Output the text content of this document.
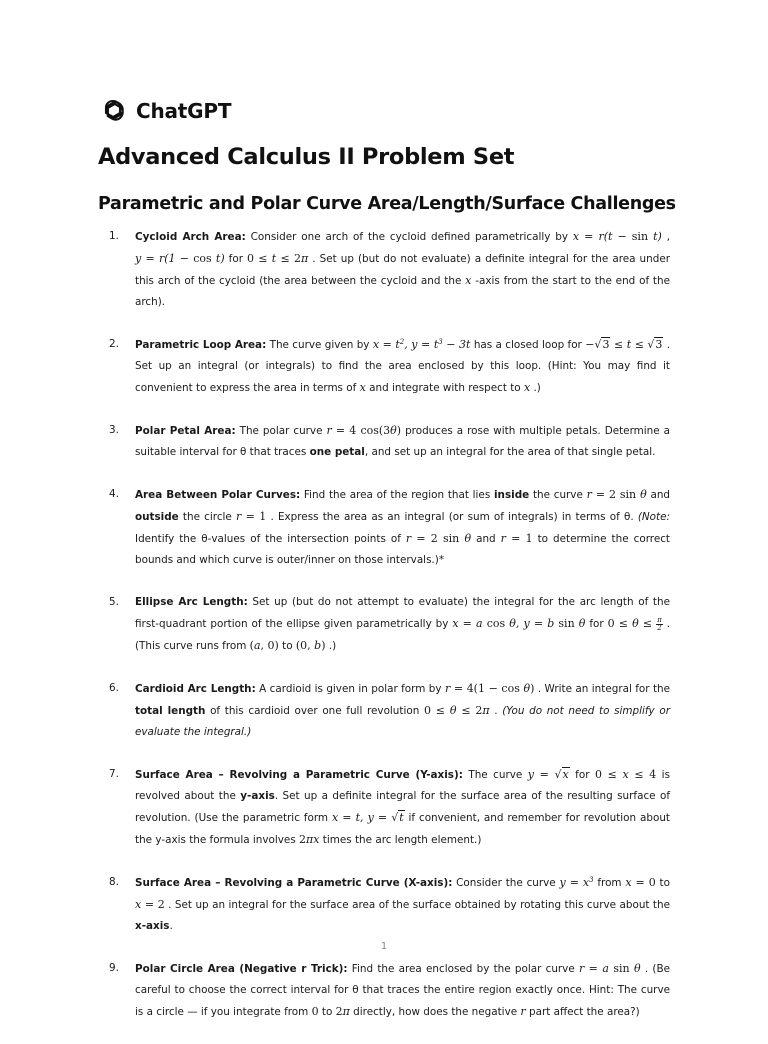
ChatGPT
Advanced Calculus II Problem Set
Parametric and Polar Curve Area/Length/Surface Challenges
1. Cycloid Arch Area: Consider one arch of the cycloid defined parametrically by x = r(t − sin t) , y = r(1 − cos t) for 0 ≤ t ≤ 2π . Set up (but do not evaluate) a definite integral for the area under this arch of the cycloid (the area between the cycloid and the x -axis from the start to the end of the arch).
2. Parametric Loop Area: The curve given by $x = t^2$, $y = t^3 - 3t$ has a closed loop for −√3 ≤ t ≤ √3 . Set up an integral (or integrals) to find the area enclosed by this loop. (Hint: You may find it convenient to express the area in terms of x and integrate with respect to x .)
3. Polar Petal Area: The polar curve r = 4 cos(3θ) produces a rose with multiple petals. Determine a suitable interval for θ that traces one petal, and set up an integral for the area of that single petal.
4. Area Between Polar Curves: Find the area of the region that lies inside the curve r = 2 sin θ and outside the circle r = 1 . Express the area as an integral (or sum of integrals) in terms of θ. (Note: Identify the θ-values of the intersection points of r = 2 sin θ and r = 1 to determine the correct bounds and which curve is outer/inner on those intervals.)*
5. Ellipse Arc Length: Set up (but do not attempt to evaluate) the integral for the arc length of the first-quadrant portion of the ellipse given parametrically by x = a cos θ, y = b sin θ for $0 \le \theta \le \frac{\pi}{2}$ . (This curve runs from (a, 0) to (0, b) .)
6. Cardioid Arc Length: A cardioid is given in polar form by r = 4(1 − cos θ) . Write an integral for the total length of this cardioid over one full revolution 0 ≤ θ ≤ 2π . (You do not need to simplify or evaluate the integral.)
7. Surface Area – Revolving a Parametric Curve (Y-axis): The curve y = √x for 0 ≤ x ≤ 4 is revolved about the y-axis. Set up a definite integral for the surface area of the resulting surface of revolution. (Use the parametric form x = t, y = √t if convenient, and remember for revolution about the y-axis the formula involves 2πx times the arc length element.)
8. Surface Area – Revolving a Parametric Curve (X-axis): Consider the curve $y = x^3$ from x = 0 to x = 2 . Set up an integral for the surface area of the surface obtained by rotating this curve about the x-axis.
9. Polar Circle Area (Negative r Trick): Find the area enclosed by the polar curve r = a sin θ . (Be careful to choose the correct interval for θ that traces the entire region exactly once. Hint: The curve is a circle — if you integrate from 0 to 2π directly, how does the negative r part affect the area?)
1
